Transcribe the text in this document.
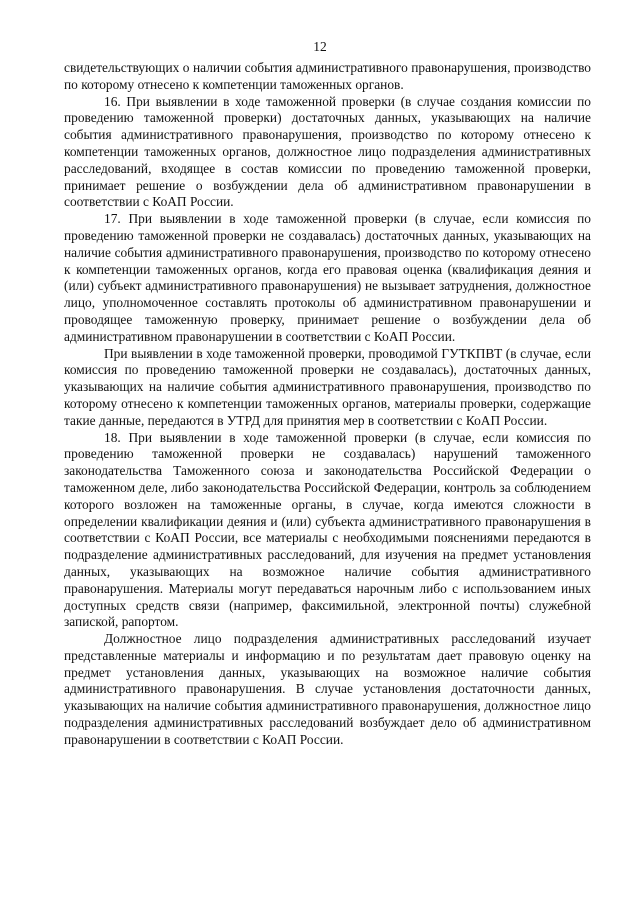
12

свидетельствующих о наличии события административного правонарушения, производство по которому отнесено к компетенции таможенных органов.

16. При выявлении в ходе таможенной проверки (в случае создания комиссии по проведению таможенной проверки) достаточных данных, указывающих на наличие события административного правонарушения, производство по которому отнесено к компетенции таможенных органов, должностное лицо подразделения административных расследований, входящее в состав комиссии по проведению таможенной проверки, принимает решение о возбуждении дела об административном правонарушении в соответствии с КоАП России.

17. При выявлении в ходе таможенной проверки (в случае, если комиссия по проведению таможенной проверки не создавалась) достаточных данных, указывающих на наличие события административного правонарушения, производство по которому отнесено к компетенции таможенных органов, когда его правовая оценка (квалификация деяния и (или) субъект административного правонарушения) не вызывает затруднения, должностное лицо, уполномоченное составлять протоколы об административном правонарушении и проводящее таможенную проверку, принимает решение о возбуждении дела об административном правонарушении в соответствии с КоАП России.

При выявлении в ходе таможенной проверки, проводимой ГУТКПВТ (в случае, если комиссия по проведению таможенной проверки не создавалась), достаточных данных, указывающих на наличие события административного правонарушения, производство по которому отнесено к компетенции таможенных органов, материалы проверки, содержащие такие данные, передаются в УТРД для принятия мер в соответствии с КоАП России.

18. При выявлении в ходе таможенной проверки (в случае, если комиссия по проведению таможенной проверки не создавалась) нарушений таможенного законодательства Таможенного союза и законодательства Российской Федерации о таможенном деле, либо законодательства Российской Федерации, контроль за соблюдением которого возложен на таможенные органы, в случае, когда имеются сложности в определении квалификации деяния и (или) субъекта административного правонарушения в соответствии с КоАП России, все материалы с необходимыми пояснениями передаются в подразделение административных расследований, для изучения на предмет установления данных, указывающих на возможное наличие события административного правонарушения. Материалы могут передаваться нарочным либо с использованием иных доступных средств связи (например, факсимильной, электронной почты) служебной запиской, рапортом.

Должностное лицо подразделения административных расследований изучает представленные материалы и информацию и по результатам дает правовую оценку на предмет установления данных, указывающих на возможное наличие события административного правонарушения. В случае установления достаточности данных, указывающих на наличие события административного правонарушения, должностное лицо подразделения административных расследований возбуждает дело об административном правонарушении в соответствии с КоАП России.
